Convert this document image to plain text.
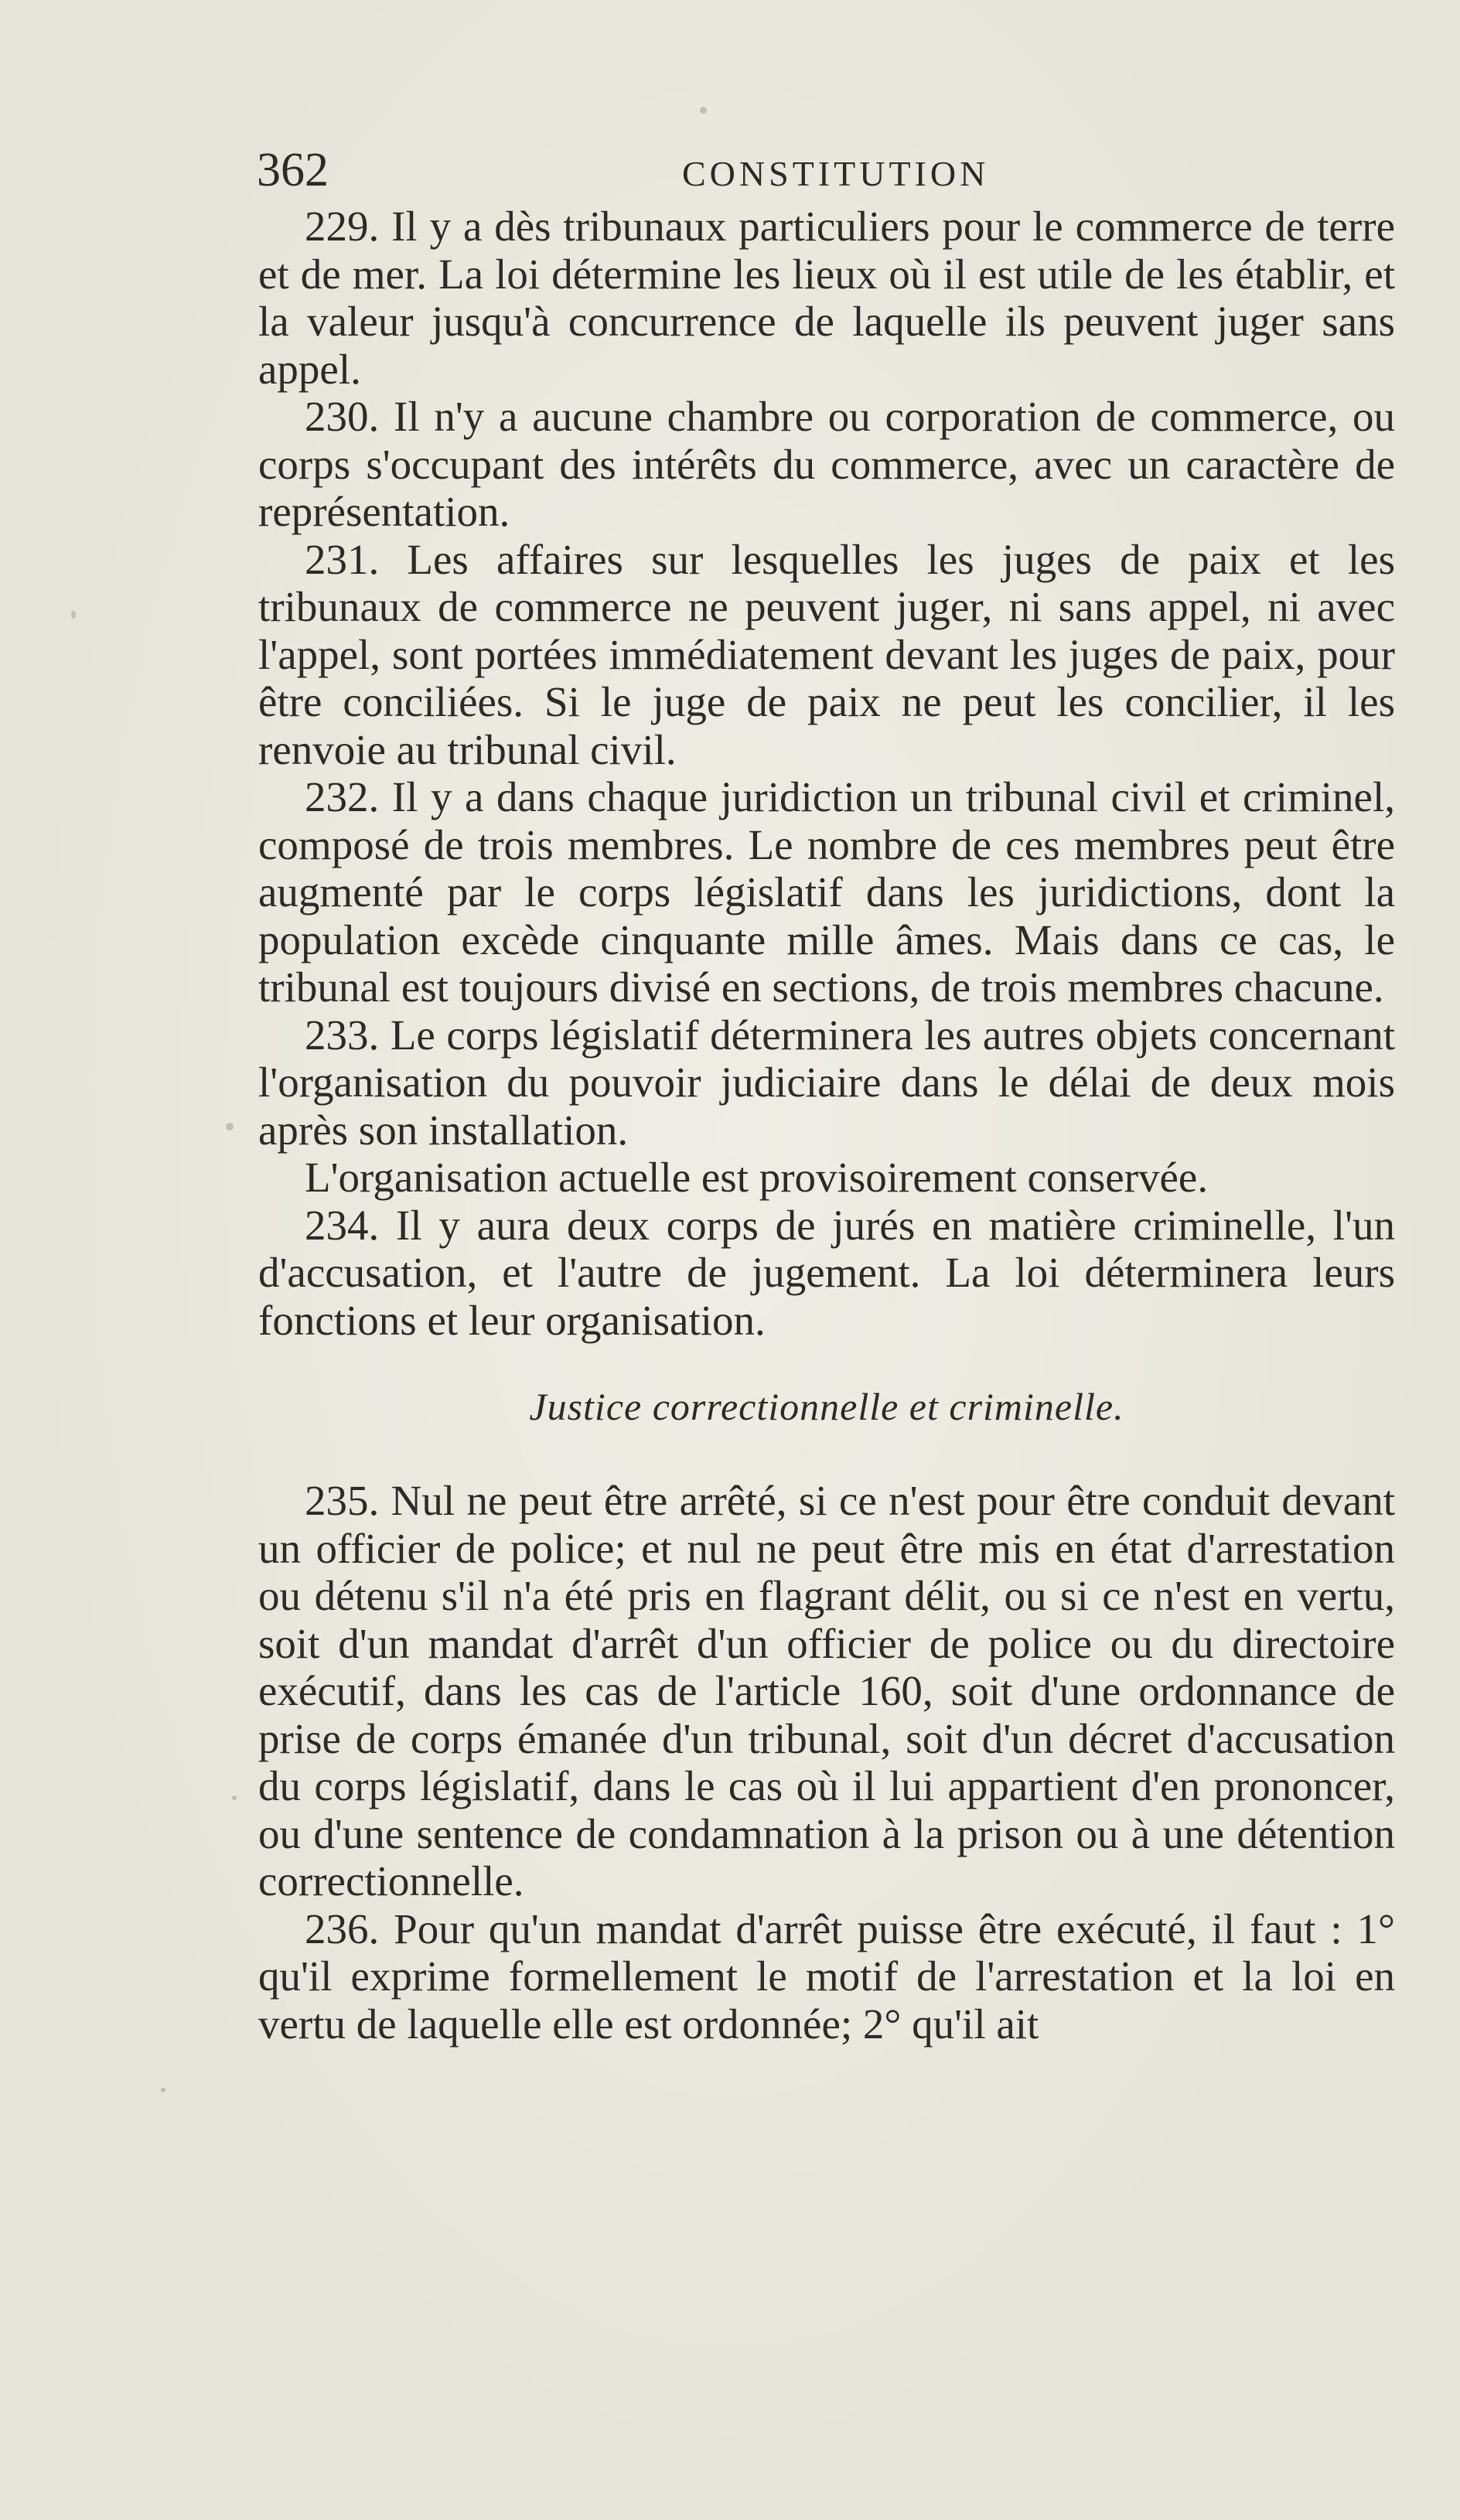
362	CONSTITUTION

229. Il y a dès tribunaux particuliers pour le commerce de terre et de mer. La loi détermine les lieux où il est utile de les établir, et la valeur jusqu'à concurrence de laquelle ils peuvent juger sans appel.

230. Il n'y a aucune chambre ou corporation de commerce, ou corps s'occupant des intérêts du commerce, avec un caractère de représentation.

231. Les affaires sur lesquelles les juges de paix et les tribunaux de commerce ne peuvent juger, ni sans appel, ni avec l'appel, sont portées immédiatement devant les juges de paix, pour être conciliées. Si le juge de paix ne peut les concilier, il les renvoie au tribunal civil.

232. Il y a dans chaque juridiction un tribunal civil et criminel, composé de trois membres. Le nombre de ces membres peut être augmenté par le corps législatif dans les juridictions, dont la population excède cinquante mille âmes. Mais dans ce cas, le tribunal est toujours divisé en sections, de trois membres chacune.

233. Le corps législatif déterminera les autres objets concernant l'organisation du pouvoir judiciaire dans le délai de deux mois après son installation.

L'organisation actuelle est provisoirement conservée.

234. Il y aura deux corps de jurés en matière criminelle, l'un d'accusation, et l'autre de jugement. La loi déterminera leurs fonctions et leur organisation.

Justice correctionnelle et criminelle.

235. Nul ne peut être arrêté, si ce n'est pour être conduit devant un officier de police; et nul ne peut être mis en état d'arrestation ou détenu s'il n'a été pris en flagrant délit, ou si ce n'est en vertu, soit d'un mandat d'arrêt d'un officier de police ou du directoire exécutif, dans les cas de l'article 160, soit d'une ordonnance de prise de corps émanée d'un tribunal, soit d'un décret d'accusation du corps législatif, dans le cas où il lui appartient d'en prononcer, ou d'une sentence de condamnation à la prison ou à une détention correctionnelle.

236. Pour qu'un mandat d'arrêt puisse être exécuté, il faut : 1° qu'il exprime formellement le motif de l'arrestation et la loi en vertu de laquelle elle est ordonnée; 2° qu'il ait
